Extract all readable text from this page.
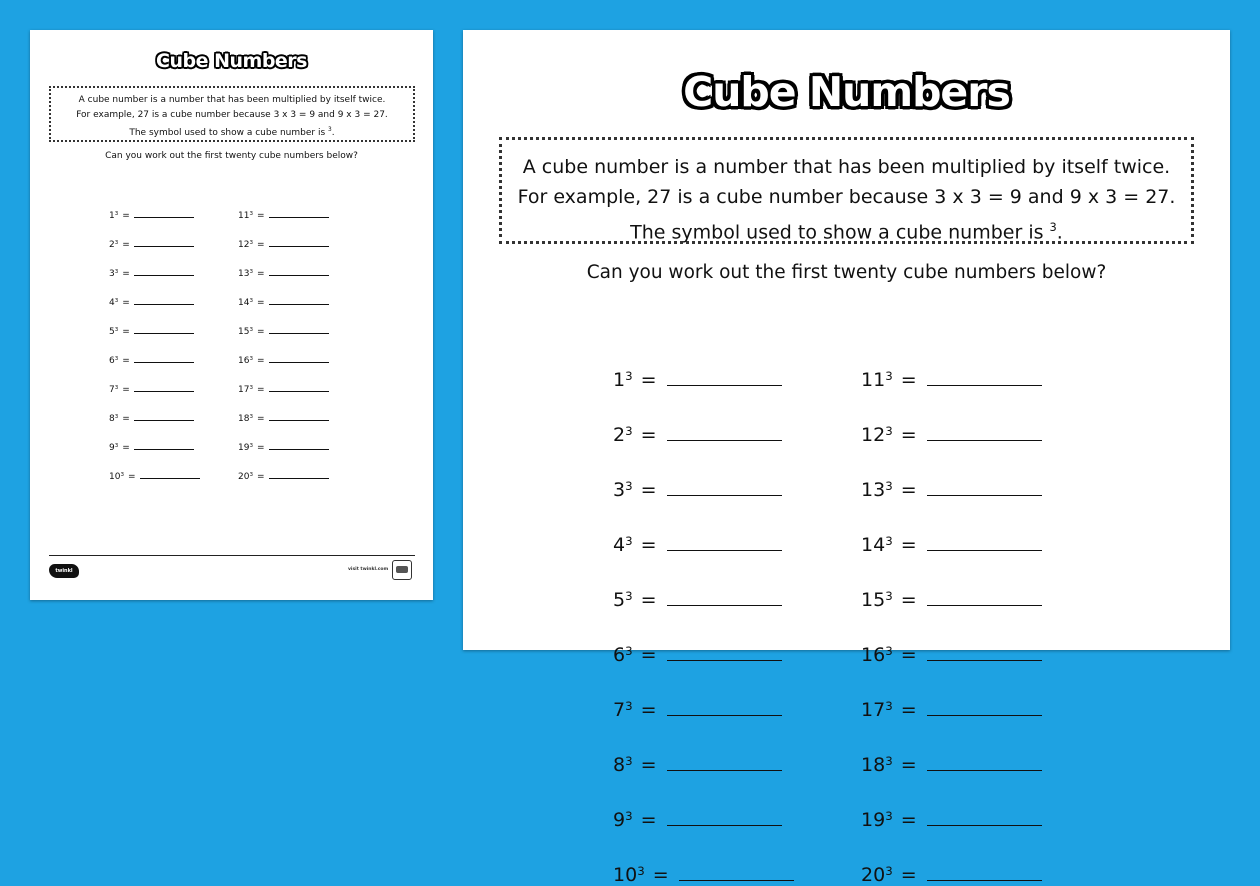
Cube Numbers
A cube number is a number that has been multiplied by itself twice.
For example, 27 is a cube number because 3 x 3 = 9 and 9 x 3 = 27.
The symbol used to show a cube number is $^3$.
Can you work out the first twenty cube numbers below?
twinkl	visit twinkl.com
$1^3$ =
$2^3$ =
$3^3$ =
$4^3$ =
$5^3$ =
$6^3$ =
$7^3$ =
$8^3$ =
$9^3$ =
$10^3$ =
$11^3$ =
$12^3$ =
$13^3$ =
$14^3$ =
$15^3$ =
$16^3$ =
$17^3$ =
$18^3$ =
$19^3$ =
$20^3$ =
Cube Numbers
A cube number is a number that has been multiplied by itself twice.
For example, 27 is a cube number because 3 x 3 = 9 and 9 x 3 = 27.
The symbol used to show a cube number is $^3$.
Can you work out the first twenty cube numbers below?
$1^3$ =
$2^3$ =
$3^3$ =
$4^3$ =
$5^3$ =
$6^3$ =
$7^3$ =
$8^3$ =
$9^3$ =
$10^3$ =
$11^3$ =
$12^3$ =
$13^3$ =
$14^3$ =
$15^3$ =
$16^3$ =
$17^3$ =
$18^3$ =
$19^3$ =
$20^3$ =
